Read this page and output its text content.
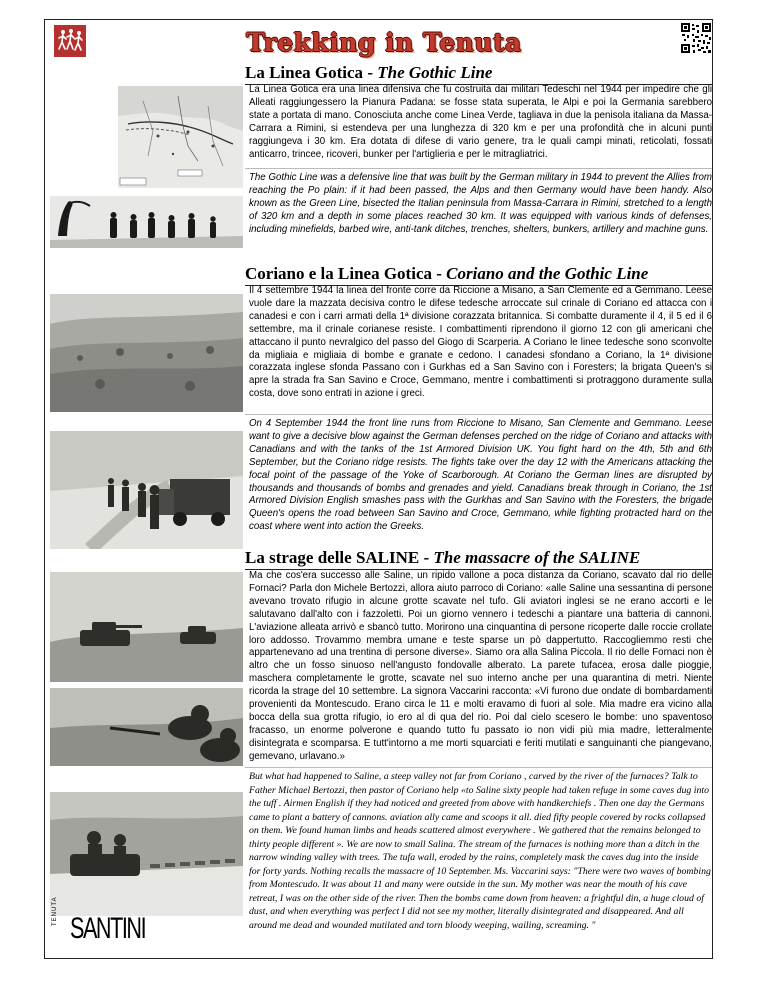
Trekking in Tenuta
La Linea Gotica - The Gothic Line
La Linea Gotica era una linea difensiva che fu costruita dai militari Tedeschi nel 1944 per impedire che gli Alleati raggiungessero la Pianura Padana: se fosse stata superata, le Alpi e poi la Germania sarebbero state a portata di mano. Conosciuta anche come Linea Verde, tagliava in due la penisola italiana da Massa-Carrara a Rimini, si estendeva per una lunghezza di 320 km e per una profondità che in alcuni punti raggiungeva i 30 km. Era dotata di difese di vario genere, tra le quali campi minati, reticolati, fossati anticarro, trincee, ricoveri, bunker per l'artiglieria e per le mitragliatrici.
The Gothic Line was a defensive line that was built by the German military in 1944 to prevent the Allies from reaching the Po plain: if it had been passed, the Alps and then Germany would have been handy. Also known as the Green Line, bisected the Italian peninsula from Massa-Carrara in Rimini, stretched to a length of 320 km and a depth in some places reached 30 km. It was equipped with various kinds of defenses, including minefields, barbed wire, anti-tank ditches, trenches, shelters, bunkers, artillery and machine guns.
Coriano e la Linea Gotica - Coriano and the Gothic Line
Il 4 settembre 1944 la linea del fronte corre da Riccione a Misano, a San Clemente ed a Gemmano. Leese vuole dare la mazzata decisiva contro le difese tedesche arroccate sul crinale di Coriano ed attacca con i canadesi e con i carri armati della 1ª divisione corazzata britannica. Si combatte duramente il 4, il 5 ed il 6 settembre, ma il crinale corianese resiste. I combattimenti riprendono il giorno 12 con gli americani che attaccano il punto nevralgico del passo del Giogo di Scarperia. A Coriano le linee tedesche sono sconvolte da migliaia e migliaia di bombe e granate e cedono. I canadesi sfondano a Coriano, la 1ª divisione corazzata inglese sfonda Passano con i Gurkhas ed a San Savino con i Foresters; la brigata Queen's si apre la strada fra San Savino e Croce, Gemmano, mentre i combattimenti si protraggono duramente sulla costa, dove sono entrati in azione i greci.
On 4 September 1944 the front line runs from Riccione to Misano, San Clemente and Gemmano. Leese want to give a decisive blow against the German defenses perched on the ridge of Coriano and attacks with Canadians and with the tanks of the 1st Armored Division UK. You fight hard on the 4th, 5th and 6th September, but the Coriano ridge resists. The fights take over the day 12 with the Americans attacking the focal point of the passage of the Yoke of Scarborough. At Coriano the German lines are disrupted by thousands and thousands of bombs and grenades and yield. Canadians break through in Coriano, the 1st Armored Division English smashes pass with the Gurkhas and San Savino with the Foresters, the brigade Queen's opens the road between San Savino and Croce, Gemmano, while fighting protracted hard on the coast where went into action the Greeks.
La strage delle SALINE - The massacre of the SALINE
Ma che cos'era successo alle Saline, un ripido vallone a poca distanza da Coriano, scavato dal rio delle Fornaci? Parla don Michele Bertozzi, allora aiuto parroco di Coriano: «alle Saline una sessantina di persone avevano trovato rifugio in alcune grotte scavate nel tufo. Gli aviatori inglesi se ne erano accorti e le salutavano dall'alto con i fazzoletti. Poi un giorno vennero i tedeschi a piantare una batteria di cannoni. L'aviazione alleata arrivò e sbancò tutto. Morirono una cinquantina di persone ricoperte dalle roccie crollate loro addosso. Trovammo membra umane e teste sparse un pò dappertutto. Raccogliemmo resti che appartenevano ad una trentina di persone diverse». Siamo ora alla Salina Piccola. Il rio delle Fornaci non è altro che un fosso sinuoso nell'angusto fondovalle alberato. La parete tufacea, erosa dalle pioggie, maschera completamente le grotte, scavate nel suo interno anche per una quarantina di metri. Niente ricorda la strage del 10 settembre. La signora Vaccarini racconta: «Vi furono due ondate di bombardamenti provenienti da Montescudo. Erano circa le 11 e molti eravamo di fuori al sole. Mia madre era vicino alla bocca della sua grotta rifugio, io ero al di qua del rio. Poi dal cielo scesero le bombe: uno spaventoso fracasso, un enorme polverone e quando tutto fu passato io non vidi più mia madre, letteralmente disintegrata e scomparsa. E tutt'intorno a me morti squarciati e feriti mutilati e sanguinanti che piangevano, gemevano, urlavano.»
But what had happened to Saline, a steep valley not far from Coriano , carved by the river of the furnaces? Talk to Father Michael Bertozzi, then pastor of Coriano help «to Saline sixty people had taken refuge in some caves dug into the tuff . Airmen English if they had noticed and greeted from above with handkerchiefs . Then one day the Germans came to plant a battery of cannons. aviation ally came and scoops it all. died fifty people covered by rocks collapsed on them. We found human limbs and heads scattered almost everywhere . We gathered that the remains belonged to thirty people different ». We are now to small Salina. The stream of the furnaces is nothing more than a ditch in the narrow winding valley with trees. The tufa wall, eroded by the rains, completely mask the caves dug into the inside for forty yards. Nothing recalls the massacre of 10 September. Ms. Vaccarini says: "There were two waves of bombing from Montescudo. It was about 11 and many were outside in the sun. My mother was near the mouth of his cave retreat, I was on the other side of the river. Then the bombs came down from heaven: a frightful din, a huge cloud of dust, and when everything was perfect I did not see my mother, literally disintegrated and disappeared. And all around me dead and wounded mutilated and torn bloody weeping, wailing, screaming. "
TENUTA
SANTINI
